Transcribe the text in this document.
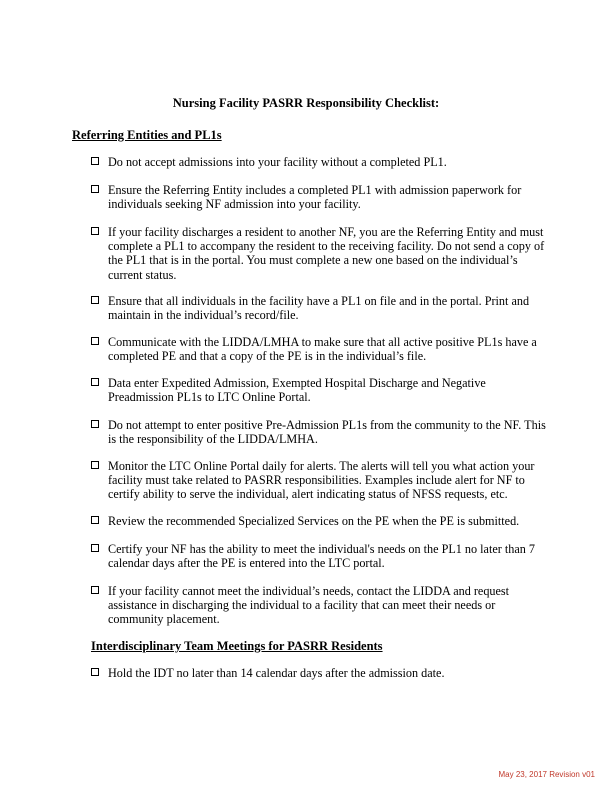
Nursing Facility PASRR Responsibility Checklist:
Referring Entities and PL1s
Do not accept admissions into your facility without a completed PL1.
Ensure the Referring Entity includes a completed PL1 with admission paperwork for individuals seeking NF admission into your facility.
If your facility discharges a resident to another NF, you are the Referring Entity and must complete a PL1 to accompany the resident to the receiving facility. Do not send a copy of the PL1 that is in the portal. You must complete a new one based on the individual’s current status.
Ensure that all individuals in the facility have a PL1 on file and in the portal. Print and maintain in the individual’s record/file.
Communicate with the LIDDA/LMHA to make sure that all active positive PL1s have a completed PE and that a copy of the PE is in the individual’s file.
Data enter Expedited Admission, Exempted Hospital Discharge and Negative Preadmission PL1s to LTC Online Portal.
Do not attempt to enter positive Pre-Admission PL1s from the community to the NF. This is the responsibility of the LIDDA/LMHA.
Monitor the LTC Online Portal daily for alerts. The alerts will tell you what action your facility must take related to PASRR responsibilities. Examples include alert for NF to certify ability to serve the individual, alert indicating status of NFSS requests, etc.
Review the recommended Specialized Services on the PE when the PE is submitted.
Certify your NF has the ability to meet the individual's needs on the PL1 no later than 7 calendar days after the PE is entered into the LTC portal.
If your facility cannot meet the individual’s needs, contact the LIDDA and request assistance in discharging the individual to a facility that can meet their needs or community placement.
Interdisciplinary Team Meetings for PASRR Residents
Hold the IDT no later than 14 calendar days after the admission date.
May 23, 2017 Revision v01
